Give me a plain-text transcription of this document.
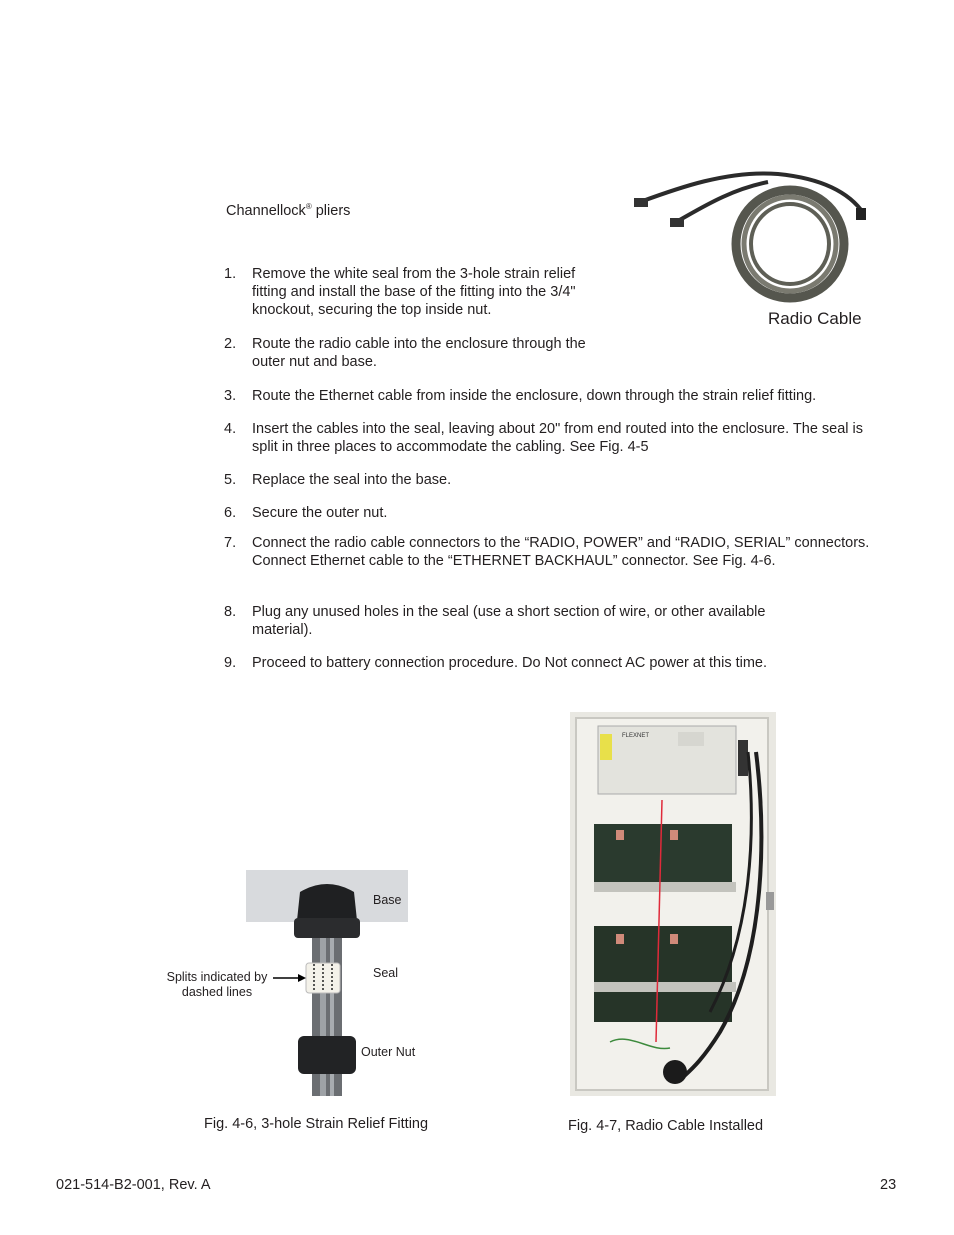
Channellock® pliers
Radio Cable
1.	Remove the white seal from the 3-hole strain relief fitting and install the base of the fitting into the 3/4" knockout, securing the top inside nut.
2.	Route the radio cable into the enclosure through the outer nut and base.
3.	Route the Ethernet cable from inside the enclosure, down through the strain relief fitting.
4.	Insert the cables into the seal, leaving about 20" from end routed into the enclosure. The seal is split in three places to accommodate the cabling. See Fig. 4-5
5.	Replace the seal into the base.
6.	Secure the outer nut.
7.	Connect the radio cable connectors to the “RADIO, POWER” and “RADIO, SERIAL” connectors. Connect Ethernet cable to the “ETHERNET BACKHAUL” connector. See Fig. 4-6.
8.	Plug any unused holes in the seal (use a short section of wire, or other available material).
9.	Proceed to battery connection procedure. Do Not connect AC power at this time.
Base
Seal
Outer Nut
Splits indicated by
dashed lines
Fig. 4-6, 3-hole Strain Relief Fitting
FLEXNET
Fig. 4-7, Radio Cable Installed
021-514-B2-001, Rev. A	23
